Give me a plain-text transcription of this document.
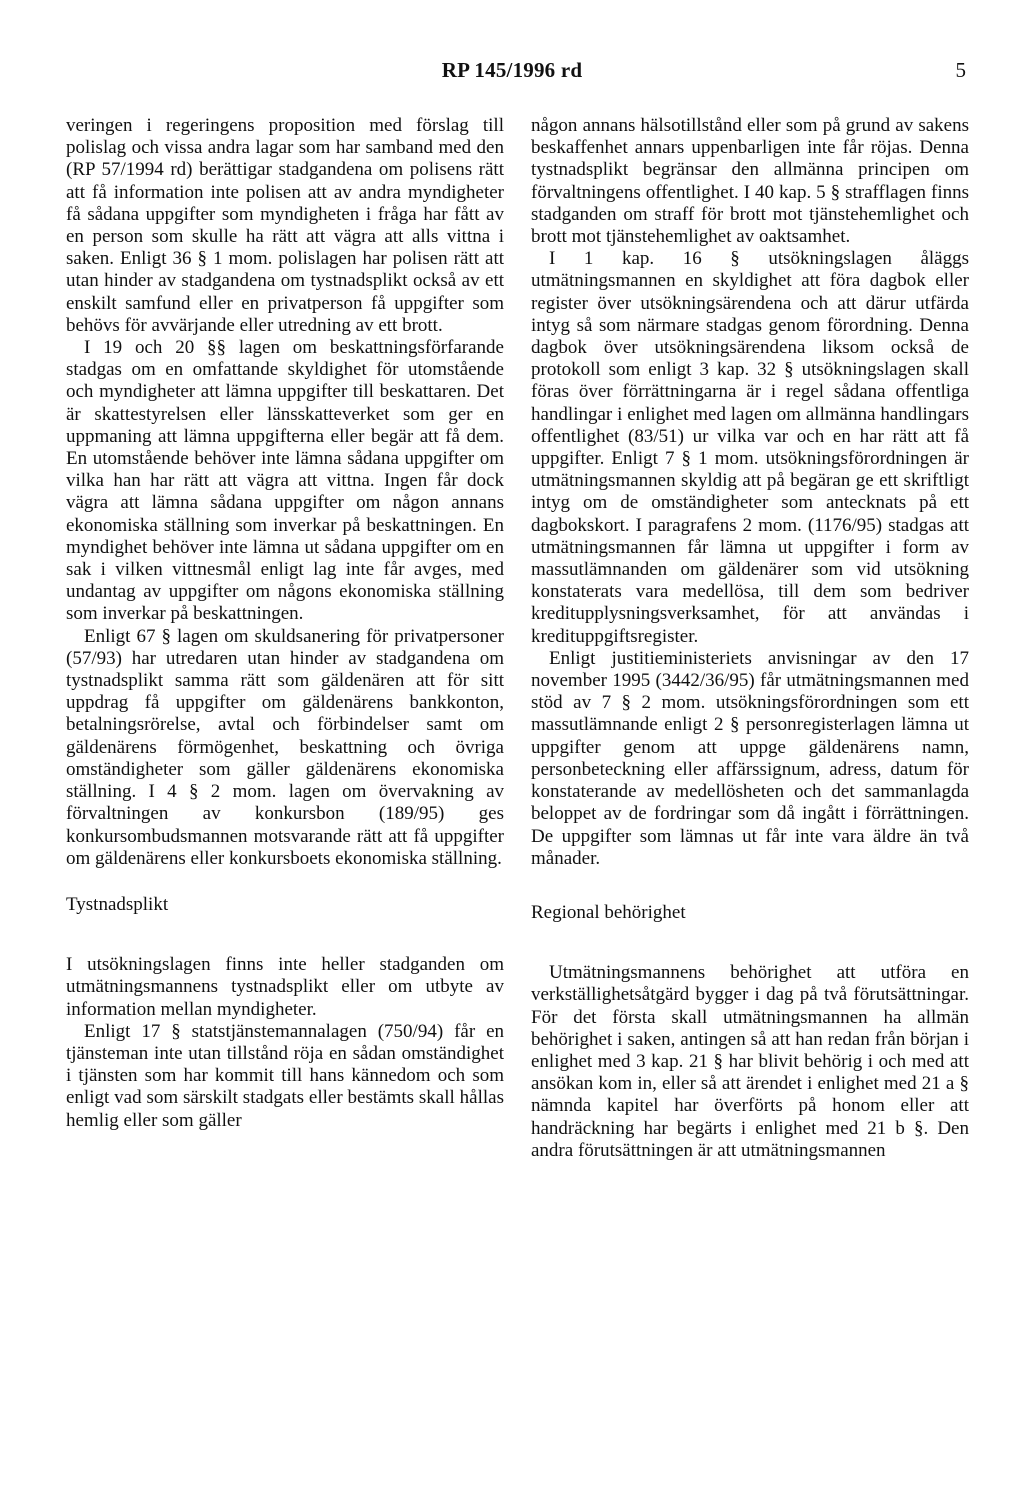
RP 145/1996 rd	5

veringen i regeringens proposition med förslag till polislag och vissa andra lagar som har samband med den (RP 57/1994 rd) berättigar stadgandena om polisens rätt att få information inte polisen att av andra myndigheter få sådana uppgifter som myndigheten i fråga har fått av en person som skulle ha rätt att vägra att alls vittna i saken. Enligt 36 § 1 mom. polislagen har polisen rätt att utan hinder av stadgandena om tystnadsplikt också av ett enskilt samfund eller en privatperson få uppgifter som behövs för avvärjande eller utredning av ett brott.

I 19 och 20 §§ lagen om beskattningsförfarande stadgas om en omfattande skyldighet för utomstående och myndigheter att lämna uppgifter till beskattaren. Det är skattestyrelsen eller länsskatteverket som ger en uppmaning att lämna uppgifterna eller begär att få dem. En utomstående behöver inte lämna sådana uppgifter om vilka han har rätt att vägra att vittna. Ingen får dock vägra att lämna sådana uppgifter om någon annans ekonomiska ställning som inverkar på beskattningen. En myndighet behöver inte lämna ut sådana uppgifter om en sak i vilken vittnesmål enligt lag inte får avges, med undantag av uppgifter om någons ekonomiska ställning som inverkar på beskattningen.

Enligt 67 § lagen om skuldsanering för privatpersoner (57/93) har utredaren utan hinder av stadgandena om tystnadsplikt samma rätt som gäldenären att för sitt uppdrag få uppgifter om gäldenärens bankkonton, betalningsrörelse, avtal och förbindelser samt om gäldenärens förmögenhet, beskattning och övriga omständigheter som gäller gäldenärens ekonomiska ställning. I 4 § 2 mom. lagen om övervakning av förvaltningen av konkursbon (189/95) ges konkursombudsmannen motsvarande rätt att få uppgifter om gäldenärens eller konkursboets ekonomiska ställning.

Tystnadsplikt

I utsökningslagen finns inte heller stadganden om utmätningsmannens tystnadsplikt eller om utbyte av information mellan myndigheter.

Enligt 17 § statstjänstemannalagen (750/94) får en tjänsteman inte utan tillstånd röja en sådan omständighet i tjänsten som har kommit till hans kännedom och som enligt vad som särskilt stadgats eller bestämts skall hållas hemlig eller som gäller

någon annans hälsotillstånd eller som på grund av sakens beskaffenhet annars uppenbarligen inte får röjas. Denna tystnadsplikt begränsar den allmänna principen om förvaltningens offentlighet. I 40 kap. 5 § strafflagen finns stadganden om straff för brott mot tjänstehemlighet och brott mot tjänstehemlighet av oaktsamhet.

I 1 kap. 16 § utsökningslagen åläggs utmätningsmannen en skyldighet att föra dagbok eller register över utsökningsärendena och att därur utfärda intyg så som närmare stadgas genom förordning. Denna dagbok över utsökningsärendena liksom också de protokoll som enligt 3 kap. 32 § utsökningslagen skall föras över förrättningarna är i regel sådana offentliga handlingar i enlighet med lagen om allmänna handlingars offentlighet (83/51) ur vilka var och en har rätt att få uppgifter. Enligt 7 § 1 mom. utsökningsförordningen är utmätningsmannen skyldig att på begäran ge ett skriftligt intyg om de omständigheter som antecknats på ett dagbokskort. I paragrafens 2 mom. (1176/95) stadgas att utmätningsmannen får lämna ut uppgifter i form av massutlämnanden om gäldenärer som vid utsökning konstaterats vara medellösa, till dem som bedriver kreditupplysningsverksamhet, för att användas i kredituppgiftsregister.

Enligt justitieministeriets anvisningar av den 17 november 1995 (3442/36/95) får utmätningsmannen med stöd av 7 § 2 mom. utsökningsförordningen som ett massutlämnande enligt 2 § personregisterlagen lämna ut uppgifter genom att uppge gäldenärens namn, personbeteckning eller affärssignum, adress, datum för konstaterande av medellösheten och det sammanlagda beloppet av de fordringar som då ingått i förrättningen. De uppgifter som lämnas ut får inte vara äldre än två månader.

Regional behörighet

Utmätningsmannens behörighet att utföra en verkställighetsåtgärd bygger i dag på två förutsättningar. För det första skall utmätningsmannen ha allmän behörighet i saken, antingen så att han redan från början i enlighet med 3 kap. 21 § har blivit behörig i och med att ansökan kom in, eller så att ärendet i enlighet med 21 a § nämnda kapitel har överförts på honom eller att handräckning har begärts i enlighet med 21 b §. Den andra förutsättningen är att utmätningsmannen
